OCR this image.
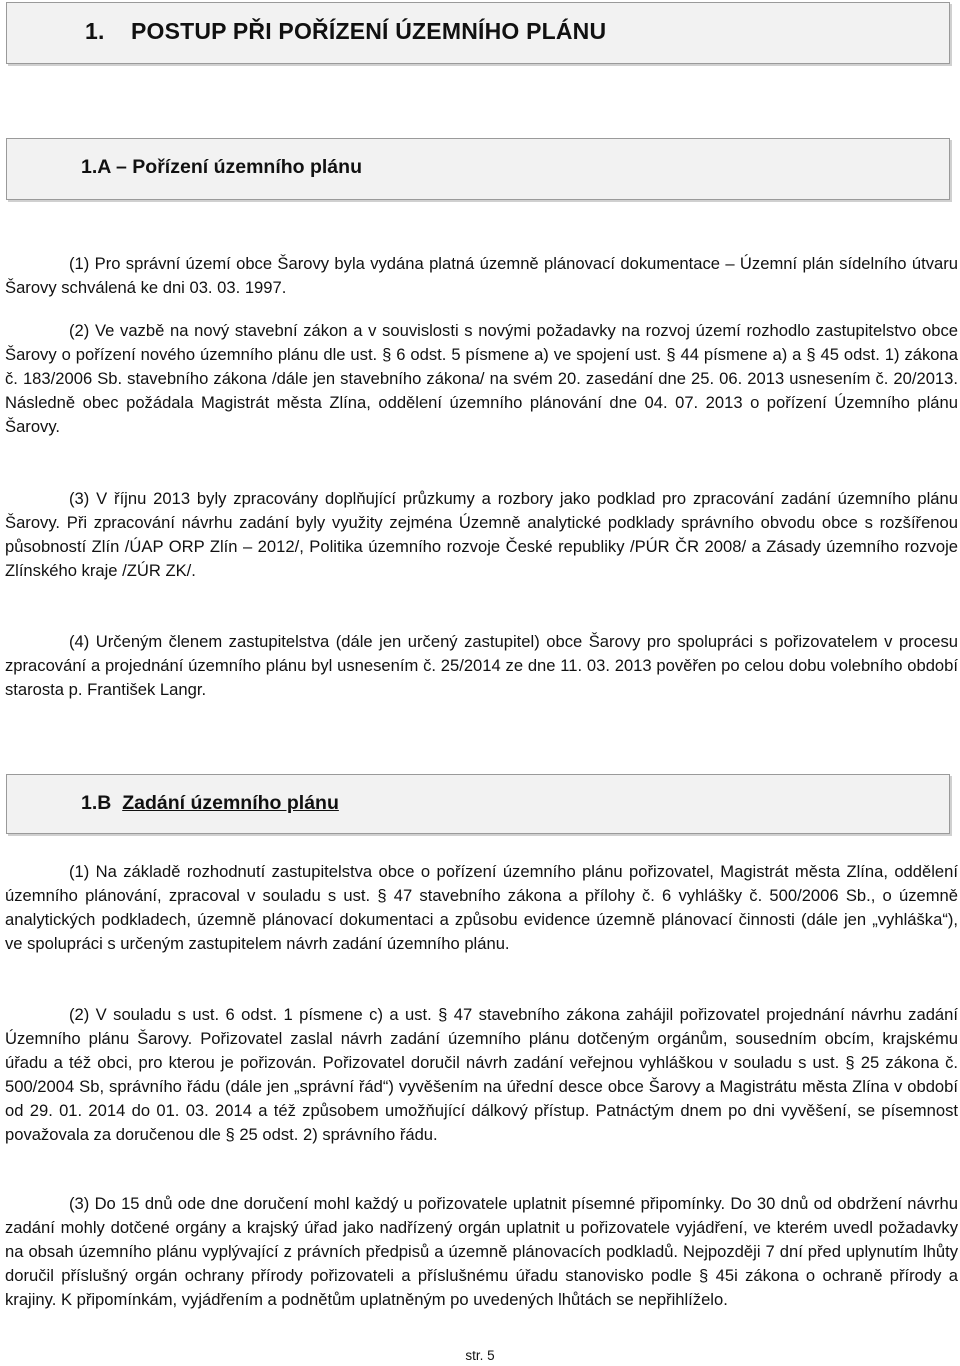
1.    POSTUP PŘI POŘÍZENÍ ÚZEMNÍHO PLÁNU
1.A – Pořízení územního plánu
(1) Pro správní území obce Šarovy byla vydána platná územně plánovací dokumentace – Územní plán sídelního útvaru Šarovy schválená ke dni 03. 03. 1997.
(2) Ve vazbě na nový stavební zákon a v souvislosti s novými požadavky na rozvoj území rozhodlo zastupitelstvo obce Šarovy o pořízení nového územního plánu dle ust. § 6 odst. 5 písmene a) ve spojení ust. § 44 písmene a) a § 45 odst. 1) zákona č. 183/2006 Sb. stavebního zákona /dále jen stavebního zákona/ na svém 20. zasedání dne 25. 06. 2013 usnesením č. 20/2013. Následně obec požádala Magistrát města Zlína, oddělení územního plánování dne 04. 07. 2013 o pořízení Územního plánu Šarovy.
(3) V říjnu 2013 byly zpracovány doplňující průzkumy a rozbory jako podklad pro zpracování zadání územního plánu Šarovy. Při zpracování návrhu zadání byly využity zejména Územně analytické podklady správního obvodu obce s rozšířenou působností Zlín /ÚAP ORP Zlín – 2012/, Politika územního rozvoje České republiky /PÚR ČR 2008/ a Zásady územního rozvoje Zlínského kraje /ZÚR ZK/.
(4) Určeným členem zastupitelstva (dále jen určený zastupitel) obce Šarovy pro spolupráci s pořizovatelem v procesu zpracování a projednání územního plánu byl usnesením č. 25/2014 ze dne 11. 03. 2013 pověřen po celou dobu volebního období starosta p. František Langr.
1.B Zadání územního plánu
(1) Na základě rozhodnutí zastupitelstva obce o pořízení územního plánu pořizovatel, Magistrát města Zlína, oddělení územního plánování, zpracoval v souladu s ust. § 47 stavebního zákona a přílohy č. 6 vyhlášky č. 500/2006 Sb., o územně analytických podkladech, územně plánovací dokumentaci a způsobu evidence územně plánovací činnosti (dále jen „vyhláška“), ve spolupráci s určeným zastupitelem návrh zadání územního plánu.
(2) V souladu s ust. 6 odst. 1 písmene c) a ust. § 47 stavebního zákona zahájil pořizovatel projednání návrhu zadání Územního plánu Šarovy. Pořizovatel zaslal návrh zadání územního plánu dotčeným orgánům, sousedním obcím, krajskému úřadu a též obci, pro kterou je pořizován. Pořizovatel doručil návrh zadání veřejnou vyhláškou v souladu s ust. § 25 zákona č. 500/2004 Sb, správního řádu (dále jen „správní řád“) vyvěšením na úřední desce obce Šarovy a Magistrátu města Zlína v období od 29. 01. 2014 do 01. 03. 2014 a též způsobem umožňující dálkový přístup. Patnáctým dnem po dni vyvěšení, se písemnost považovala za doručenou dle § 25 odst. 2) správního řádu.
(3) Do 15 dnů ode dne doručení mohl každý u pořizovatele uplatnit písemné připomínky. Do 30 dnů od obdržení návrhu zadání mohly dotčené orgány a krajský úřad jako nadřízený orgán uplatnit u pořizovatele vyjádření, ve kterém uvedl požadavky na obsah územního plánu vyplývající z právních předpisů a územně plánovacích podkladů. Nejpozději 7 dní před uplynutím lhůty doručil příslušný orgán ochrany přírody pořizovateli a příslušnému úřadu stanovisko podle § 45i zákona o ochraně přírody a krajiny. K připomínkám, vyjádřením a podnětům uplatněným po uvedených lhůtách se nepřihlíželo.
str. 5
